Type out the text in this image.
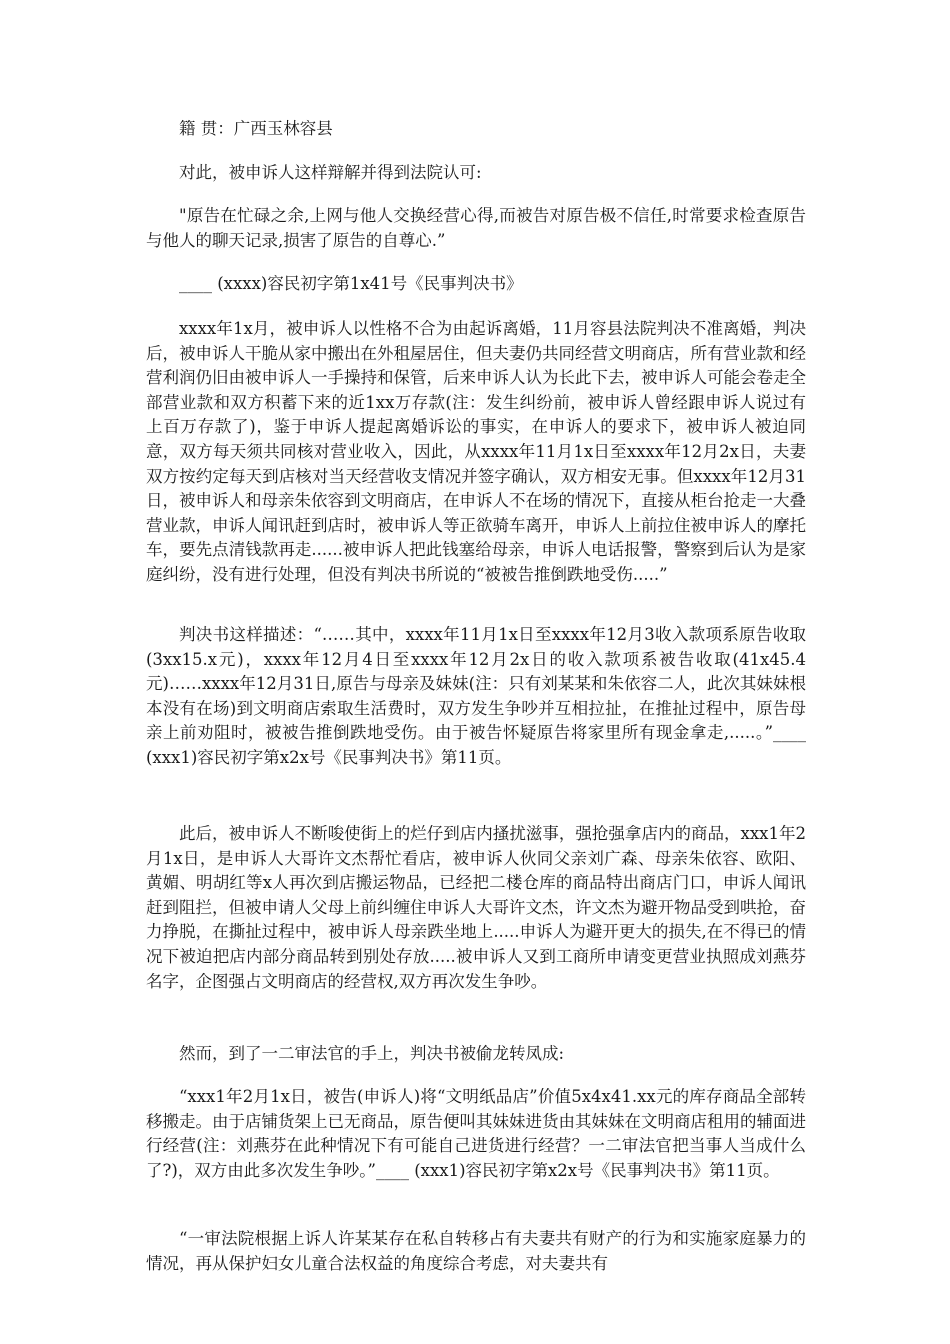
籍 贯：广西玉林容县

对此，被申诉人这样辩解并得到法院认可:

"原告在忙碌之余,上网与他人交换经营心得,而被告对原告极不信任,时常要求检查原告与他人的聊天记录,损害了原告的自尊心.”

____ (xxxx)容民初字第1x41号《民事判决书》

xxxx年1x月，被申诉人以性格不合为由起诉离婚，11月容县法院判决不准离婚，判决后，被申诉人干脆从家中搬出在外租屋居住，但夫妻仍共同经营文明商店，所有营业款和经营利润仍旧由被申诉人一手操持和保管，后来申诉人认为长此下去，被申诉人可能会卷走全部营业款和双方积蓄下来的近1xx万存款(注：发生纠纷前，被申诉人曾经跟申诉人说过有上百万存款了)，鉴于申诉人提起离婚诉讼的事实，在申诉人的要求下，被申诉人被迫同意，双方每天须共同核对营业收入，因此，从xxxx年11月1x日至xxxx年12月2x日，夫妻双方按约定每天到店核对当天经营收支情况并签字确认，双方相安无事。但xxxx年12月31日，被申诉人和母亲朱依容到文明商店，在申诉人不在场的情况下，直接从柜台抢走一大叠营业款，申诉人闻讯赶到店时，被申诉人等正欲骑车离开，申诉人上前拉住被申诉人的摩托车，要先点清钱款再走......被申诉人把此钱塞给母亲，申诉人电话报警，警察到后认为是家庭纠纷，没有进行处理，但没有判决书所说的“被被告推倒跌地受伤.....”

判决书这样描述：“……其中，xxxx年11月1x日至xxxx年12月3收入款项系原告收取(3xx15.x元)，xxxx年12月4日至xxxx年12月2x日的收入款项系被告收取(41x45.4元)……xxxx年12月31日,原告与母亲及妹妹(注：只有刘某某和朱依容二人，此次其妹妹根本没有在场)到文明商店索取生活费时，双方发生争吵并互相拉扯，在推扯过程中，原告母亲上前劝阻时，被被告推倒跌地受伤。由于被告怀疑原告将家里所有现金拿走,.....。”____ (xxx1)容民初字第x2x号《民事判决书》第11页。

此后，被申诉人不断唆使街上的烂仔到店内搔扰滋事，强抢强拿店内的商品，xxx1年2月1x日，是申诉人大哥许文杰帮忙看店，被申诉人伙同父亲刘广森、母亲朱依容、欧阳、黄媚、明胡红等x人再次到店搬运物品，已经把二楼仓库的商品特出商店门口，申诉人闻讯赶到阻拦，但被申请人父母上前纠缠住申诉人大哥许文杰，许文杰为避开物品受到哄抢，奋力挣脱，在撕扯过程中，被申诉人母亲跌坐地上.....申诉人为避开更大的损失,在不得已的情况下被迫把店内部分商品转到别处存放.....被申诉人又到工商所申请变更营业执照成刘燕芬名字，企图强占文明商店的经营权,双方再次发生争吵。

然而，到了一二审法官的手上，判决书被偷龙转凤成:

“xxx1年2月1x日，被告(申诉人)将“文明纸品店”价值5x4x41.xx元的库存商品全部转移搬走。由于店铺货架上已无商品，原告便叫其妹妹进货由其妹妹在文明商店租用的辅面进行经营(注：刘燕芬在此种情况下有可能自己进货进行经营？一二审法官把当事人当成什么了?)，双方由此多次发生争吵。”____ (xxx1)容民初字第x2x号《民事判决书》第11页。

“一审法院根据上诉人许某某存在私自转移占有夫妻共有财产的行为和实施家庭暴力的情况，再从保护妇女儿童合法权益的角度综合考虑，对夫妻共有
